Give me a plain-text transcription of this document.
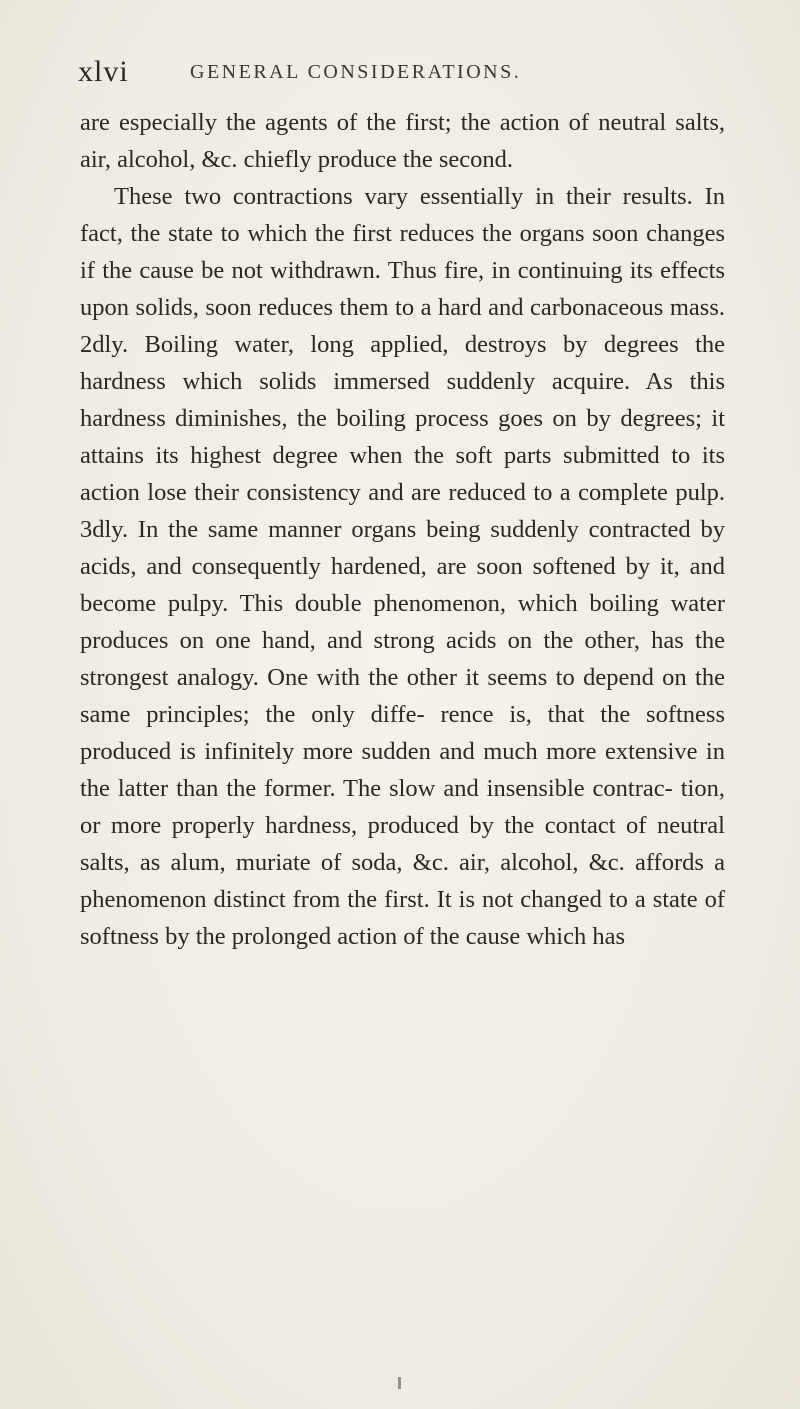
xlvi	GENERAL CONSIDERATIONS.

are especially the agents of the first; the action of neutral salts, air, alcohol, &c. chiefly produce the second.

These two contractions vary essentially in their results. In fact, the state to which the first reduces the organs soon changes if the cause be not withdrawn. Thus fire, in continuing its effects upon solids, soon reduces them to a hard and carbonaceous mass. 2dly. Boiling water, long applied, destroys by degrees the hardness which solids immersed suddenly acquire. As this hardness diminishes, the boiling process goes on by degrees; it attains its highest degree when the soft parts submitted to its action lose their consistency and are reduced to a complete pulp. 3dly. In the same manner organs being suddenly contracted by acids, and consequently hardened, are soon softened by it, and become pulpy. This double phenomenon, which boiling water produces on one hand, and strong acids on the other, has the strongest analogy. One with the other it seems to depend on the same principles; the only diffe- rence is, that the softness produced is infinitely more sudden and much more extensive in the latter than the former. The slow and insensible contrac- tion, or more properly hardness, produced by the contact of neutral salts, as alum, muriate of soda, &c. air, alcohol, &c. affords a phenomenon distinct from the first. It is not changed to a state of softness by the prolonged action of the cause which has
